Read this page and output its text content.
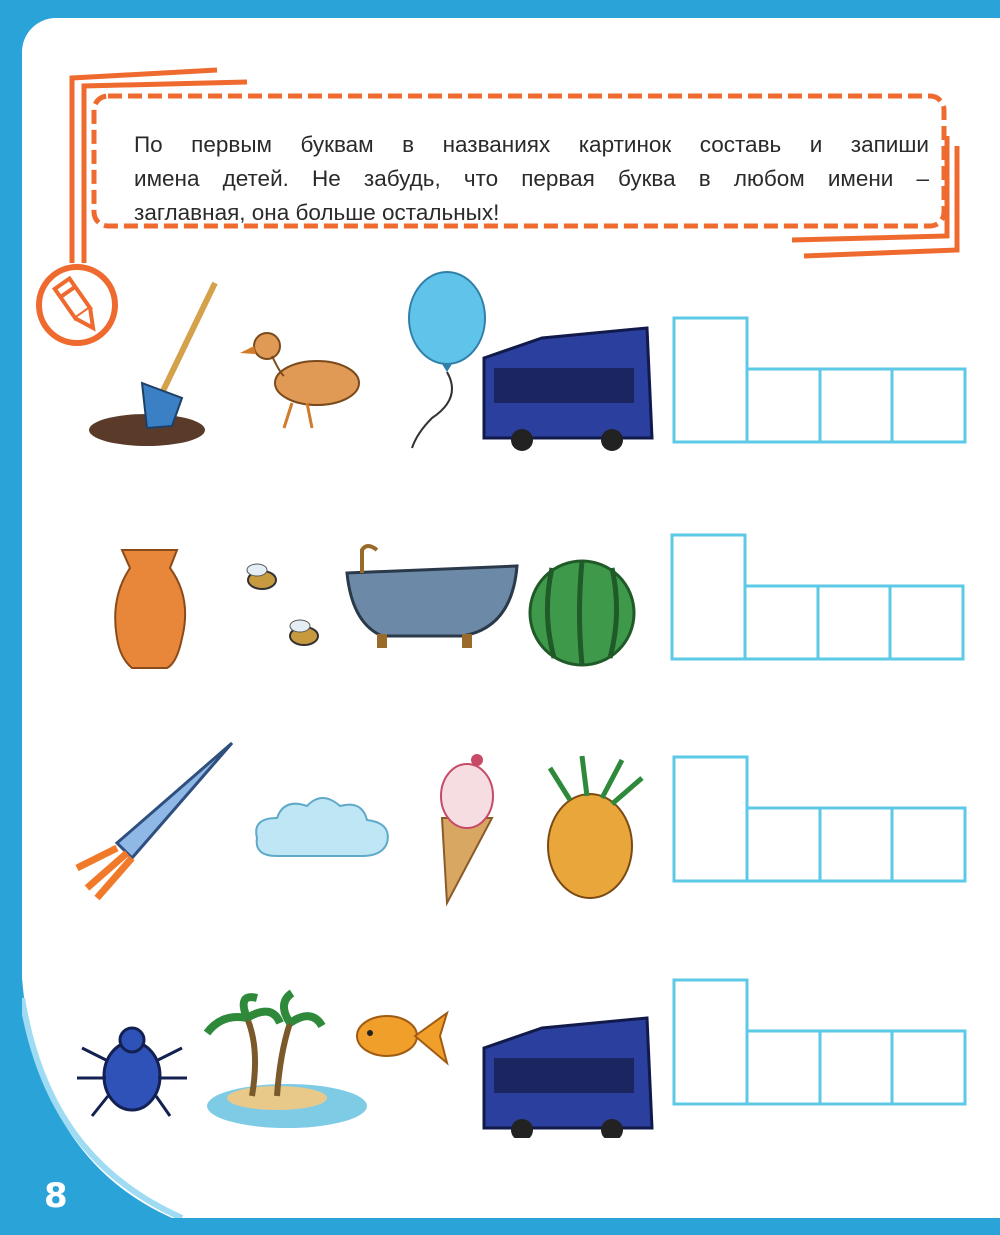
По первым буквам в названиях картинок составь и запиши
имена детей. Не забудь, что первая буква в любом имени –
заглавная, она больше остальных!
8
